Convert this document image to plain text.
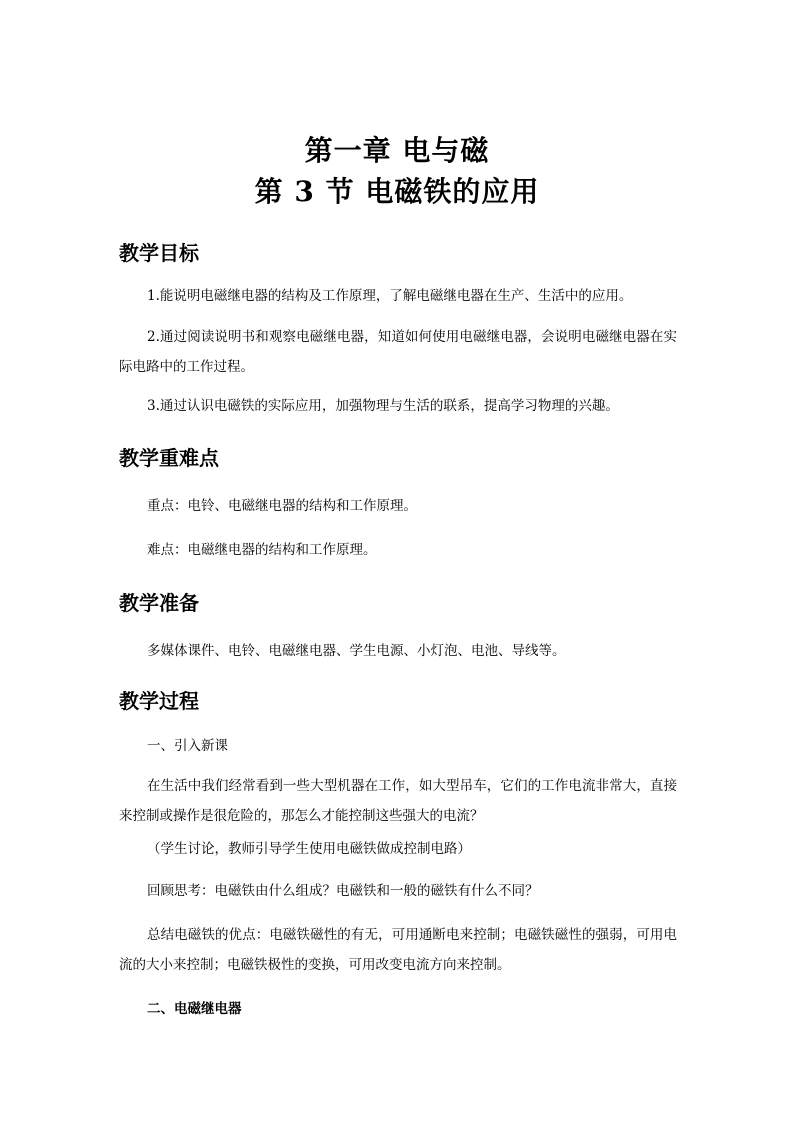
第一章 电与磁
第 3 节 电磁铁的应用
教学目标
1.能说明电磁继电器的结构及工作原理，了解电磁继电器在生产、生活中的应用。
2.通过阅读说明书和观察电磁继电器，知道如何使用电磁继电器，会说明电磁继电器在实际电路中的工作过程。
3.通过认识电磁铁的实际应用，加强物理与生活的联系，提高学习物理的兴趣。
教学重难点
重点：电铃、电磁继电器的结构和工作原理。
难点：电磁继电器的结构和工作原理。
教学准备
多媒体课件、电铃、电磁继电器、学生电源、小灯泡、电池、导线等。
教学过程
一、引入新课
在生活中我们经常看到一些大型机器在工作，如大型吊车，它们的工作电流非常大，直接来控制或操作是很危险的，那怎么才能控制这些强大的电流？
（学生讨论，教师引导学生使用电磁铁做成控制电路）
回顾思考：电磁铁由什么组成？电磁铁和一般的磁铁有什么不同？
总结电磁铁的优点：电磁铁磁性的有无，可用通断电来控制；电磁铁磁性的强弱，可用电流的大小来控制；电磁铁极性的变换，可用改变电流方向来控制。
二、电磁继电器
